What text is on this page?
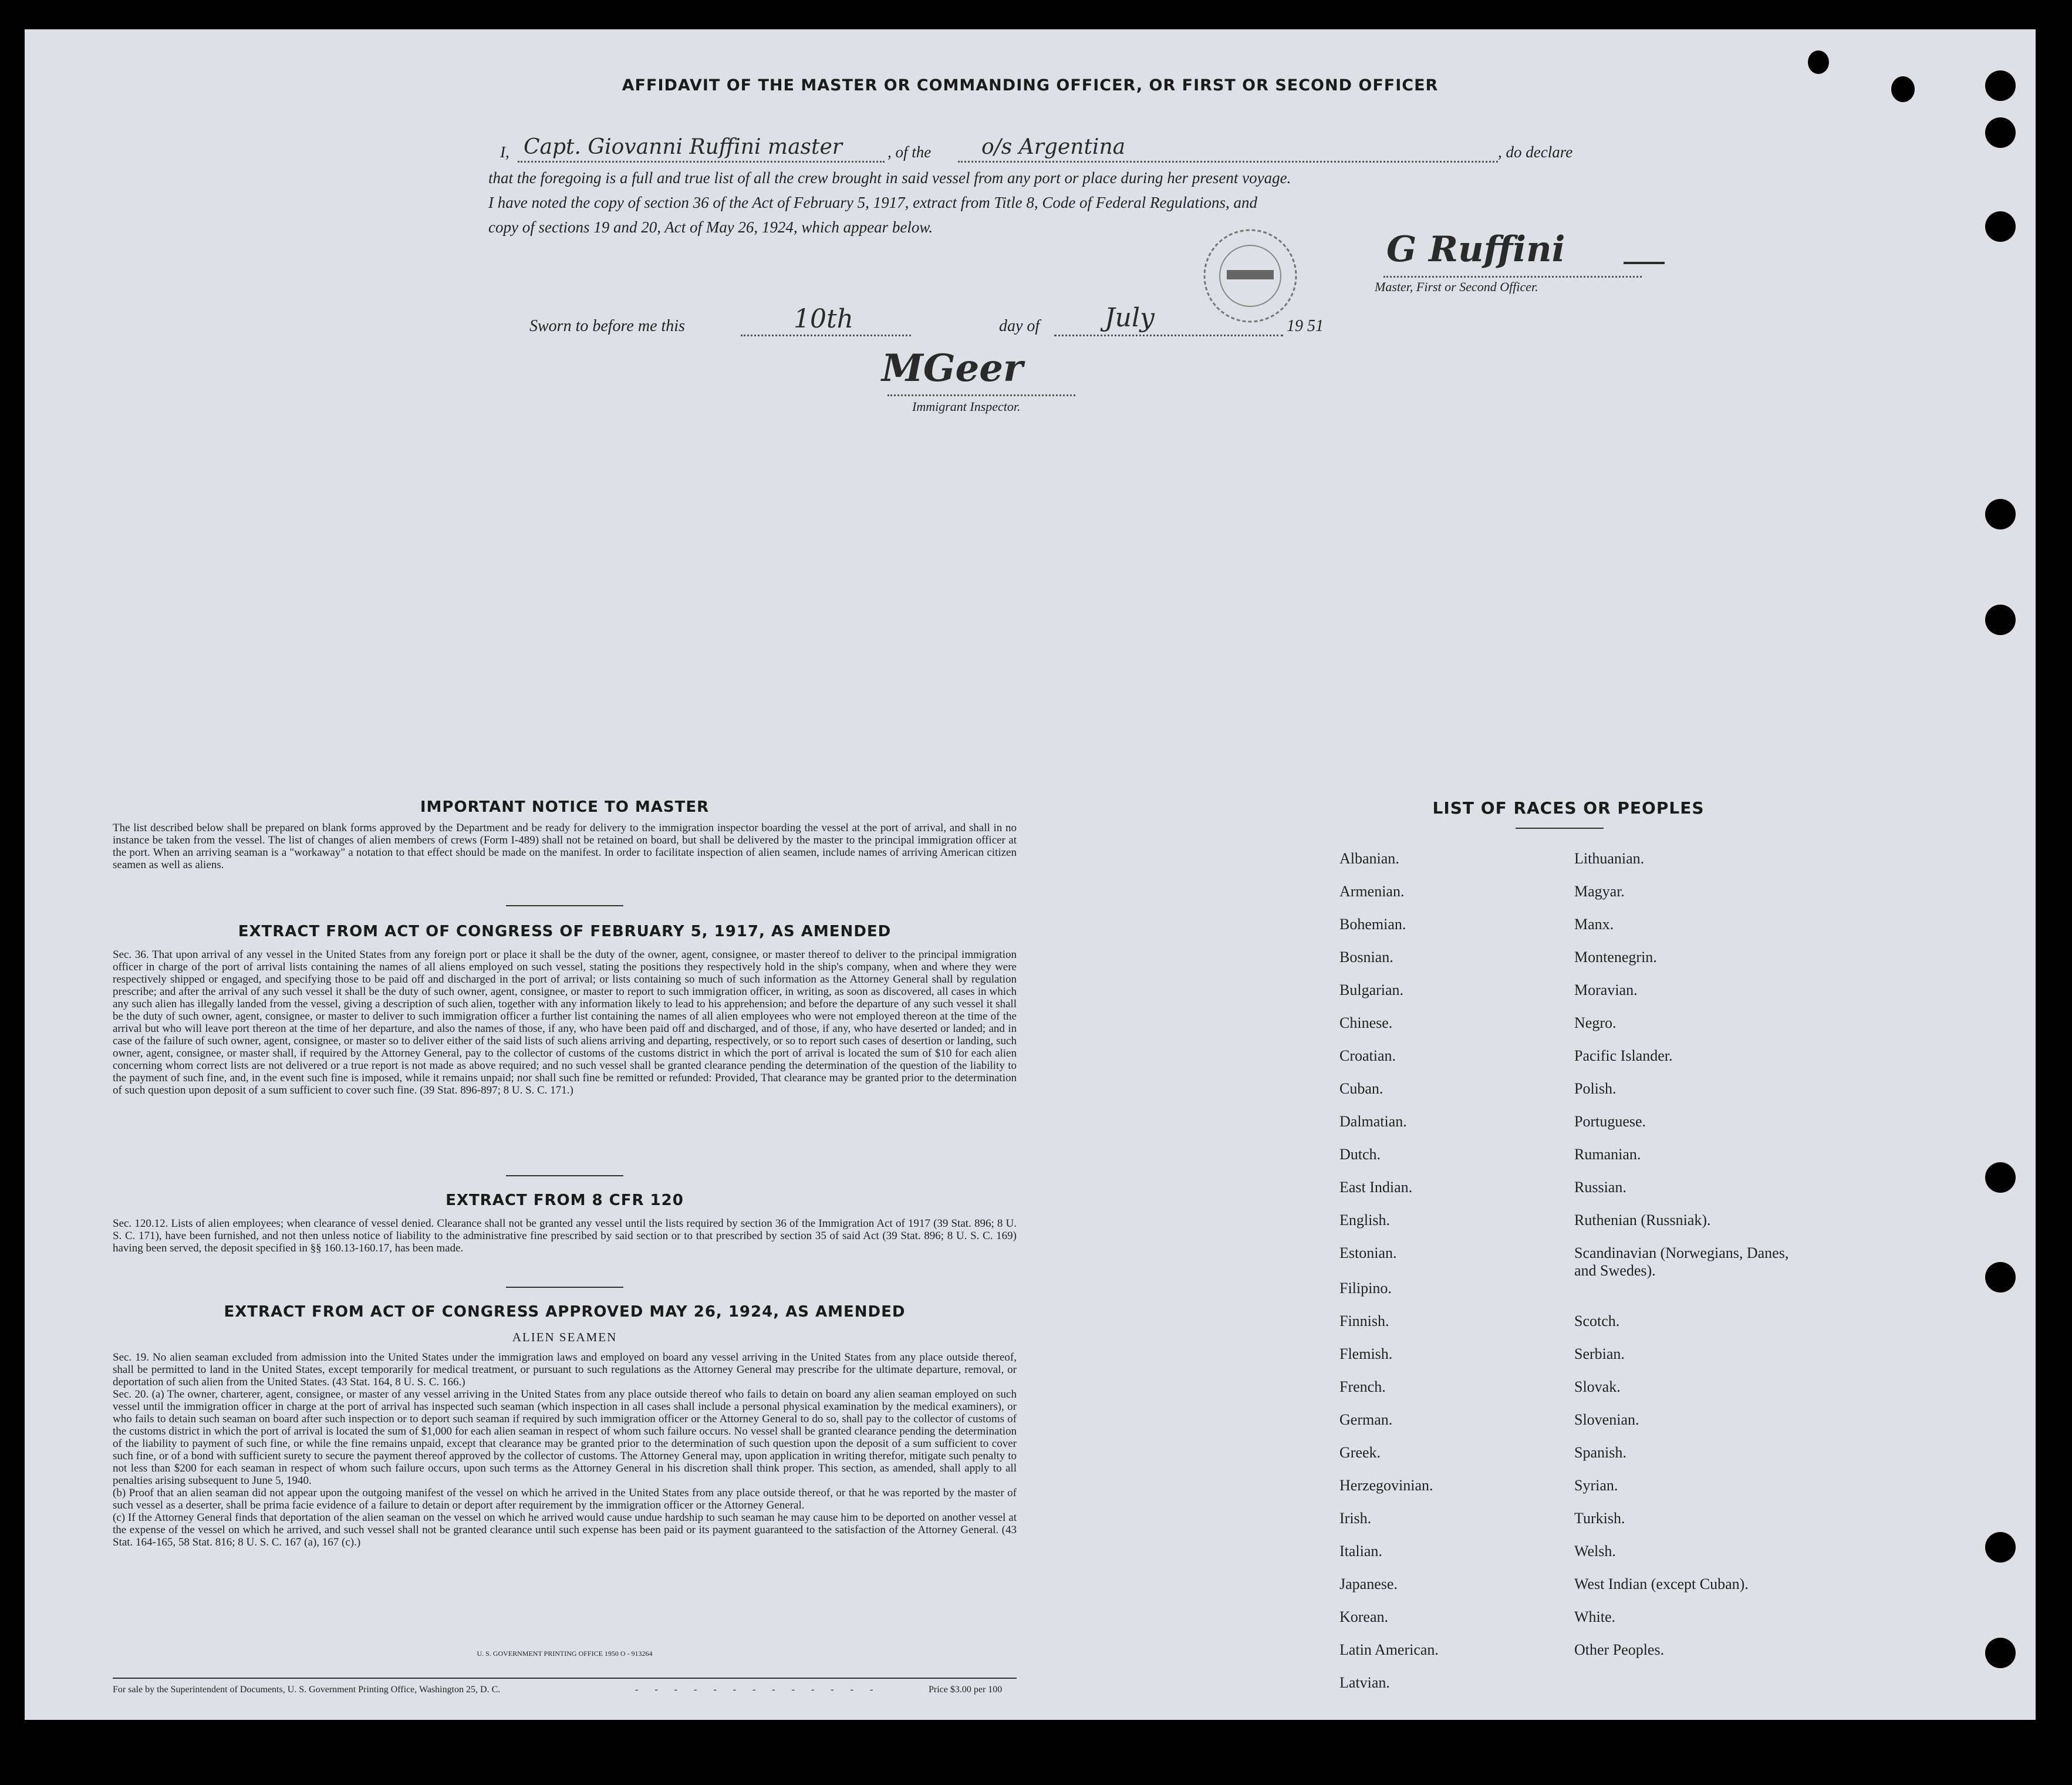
AFFIDAVIT OF THE MASTER OR COMMANDING OFFICER, OR FIRST OR SECOND OFFICER
I, Capt. Giovanni Ruffini master	, of the o/s Argentina	, do declare
that the foregoing is a full and true list of all the crew brought in said vessel from any port or place during her present voyage.
I have noted the copy of section 36 of the Act of February 5, 1917, extract from Title 8, Code of Federal Regulations, and
copy of sections 19 and 20, Act of May 26, 1924, which appear below.
G Ruffini
Master, First or Second Officer.
Sworn to before me this	10th	day of	July	19 51
MGeer
Immigrant Inspector.
IMPORTANT NOTICE TO MASTER
The list described below shall be prepared on blank forms approved by the Department and be ready for delivery to the immigration inspector boarding the vessel at the port of arrival, and shall in no instance be taken from the vessel. The list of changes of alien members of crews (Form I-489) shall not be retained on board, but shall be delivered by the master to the principal immigration officer at the port. When an arriving seaman is a "workaway" a notation to that effect should be made on the manifest. In order to facilitate inspection of alien seamen, include names of arriving American citizen seamen as well as aliens.
EXTRACT FROM ACT OF CONGRESS OF FEBRUARY 5, 1917, AS AMENDED
Sec. 36. That upon arrival of any vessel in the United States from any foreign port or place it shall be the duty of the owner, agent, consignee, or master thereof to deliver to the principal immigration officer in charge of the port of arrival lists containing the names of all aliens employed on such vessel, stating the positions they respectively hold in the ship's company, when and where they were respectively shipped or engaged, and specifying those to be paid off and discharged in the port of arrival; or lists containing so much of such information as the Attorney General shall by regulation prescribe; and after the arrival of any such vessel it shall be the duty of such owner, agent, consignee, or master to report to such immigration officer, in writing, as soon as discovered, all cases in which any such alien has illegally landed from the vessel, giving a description of such alien, together with any information likely to lead to his apprehension; and before the departure of any such vessel it shall be the duty of such owner, agent, consignee, or master to deliver to such immigration officer a further list containing the names of all alien employees who were not employed thereon at the time of the arrival but who will leave port thereon at the time of her departure, and also the names of those, if any, who have been paid off and discharged, and of those, if any, who have deserted or landed; and in case of the failure of such owner, agent, consignee, or master so to deliver either of the said lists of such aliens arriving and departing, respectively, or so to report such cases of desertion or landing, such owner, agent, consignee, or master shall, if required by the Attorney General, pay to the collector of customs of the customs district in which the port of arrival is located the sum of $10 for each alien concerning whom correct lists are not delivered or a true report is not made as above required; and no such vessel shall be granted clearance pending the determination of the question of the liability to the payment of such fine, and, in the event such fine is imposed, while it remains unpaid; nor shall such fine be remitted or refunded: Provided, That clearance may be granted prior to the determination of such question upon deposit of a sum sufficient to cover such fine. (39 Stat. 896-897; 8 U. S. C. 171.)
EXTRACT FROM 8 CFR 120
Sec. 120.12. Lists of alien employees; when clearance of vessel denied. Clearance shall not be granted any vessel until the lists required by section 36 of the Immigration Act of 1917 (39 Stat. 896; 8 U. S. C. 171), have been furnished, and not then unless notice of liability to the administrative fine prescribed by said section or to that prescribed by section 35 of said Act (39 Stat. 896; 8 U. S. C. 169) having been served, the deposit specified in §§ 160.13-160.17, has been made.
EXTRACT FROM ACT OF CONGRESS APPROVED MAY 26, 1924, AS AMENDED
ALIEN SEAMEN
Sec. 19. No alien seaman excluded from admission into the United States under the immigration laws and employed on board any vessel arriving in the United States from any place outside thereof, shall be permitted to land in the United States, except temporarily for medical treatment, or pursuant to such regulations as the Attorney General may prescribe for the ultimate departure, removal, or deportation of such alien from the United States. (43 Stat. 164, 8 U. S. C. 166.)
Sec. 20. (a) The owner, charterer, agent, consignee, or master of any vessel arriving in the United States from any place outside thereof who fails to detain on board any alien seaman employed on such vessel until the immigration officer in charge at the port of arrival has inspected such seaman (which inspection in all cases shall include a personal physical examination by the medical examiners), or who fails to detain such seaman on board after such inspection or to deport such seaman if required by such immigration officer or the Attorney General to do so, shall pay to the collector of customs of the customs district in which the port of arrival is located the sum of $1,000 for each alien seaman in respect of whom such failure occurs. No vessel shall be granted clearance pending the determination of the liability to payment of such fine, or while the fine remains unpaid, except that clearance may be granted prior to the determination of such question upon the deposit of a sum sufficient to cover such fine, or of a bond with sufficient surety to secure the payment thereof approved by the collector of customs. The Attorney General may, upon application in writing therefor, mitigate such penalty to not less than $200 for each seaman in respect of whom such failure occurs, upon such terms as the Attorney General in his discretion shall think proper. This section, as amended, shall apply to all penalties arising subsequent to June 5, 1940.
(b) Proof that an alien seaman did not appear upon the outgoing manifest of the vessel on which he arrived in the United States from any place outside thereof, or that he was reported by the master of such vessel as a deserter, shall be prima facie evidence of a failure to detain or deport after requirement by the immigration officer or the Attorney General.
(c) If the Attorney General finds that deportation of the alien seaman on the vessel on which he arrived would cause undue hardship to such seaman he may cause him to be deported on another vessel at the expense of the vessel on which he arrived, and such vessel shall not be granted clearance until such expense has been paid or its payment guaranteed to the satisfaction of the Attorney General. (43 Stat. 164-165, 58 Stat. 816; 8 U. S. C. 167 (a), 167 (c).)
U. S. GOVERNMENT PRINTING OFFICE 1950 O - 913264
For sale by the Superintendent of Documents, U. S. Government Printing Office, Washington 25, D. C.	- - - - - - - - - - - - -	Price $3.00 per 100
LIST OF RACES OR PEOPLES
Albanian.	Lithuanian.
Armenian.	Magyar.
Bohemian.	Manx.
Bosnian.	Montenegrin.
Bulgarian.	Moravian.
Chinese.	Negro.
Croatian.	Pacific Islander.
Cuban.	Polish.
Dalmatian.	Portuguese.
Dutch.	Rumanian.
East Indian.	Russian.
English.	Ruthenian (Russniak).
Estonian.	Scandinavian (Norwegians, Danes, and Swedes).
Filipino.	
Finnish.	Scotch.
Flemish.	Serbian.
French.	Slovak.
German.	Slovenian.
Greek.	Spanish.
Herzegovinian.	Syrian.
Irish.	Turkish.
Italian.	Welsh.
Japanese.	West Indian (except Cuban).
Korean.	White.
Latin American.	Other Peoples.
Latvian.	
